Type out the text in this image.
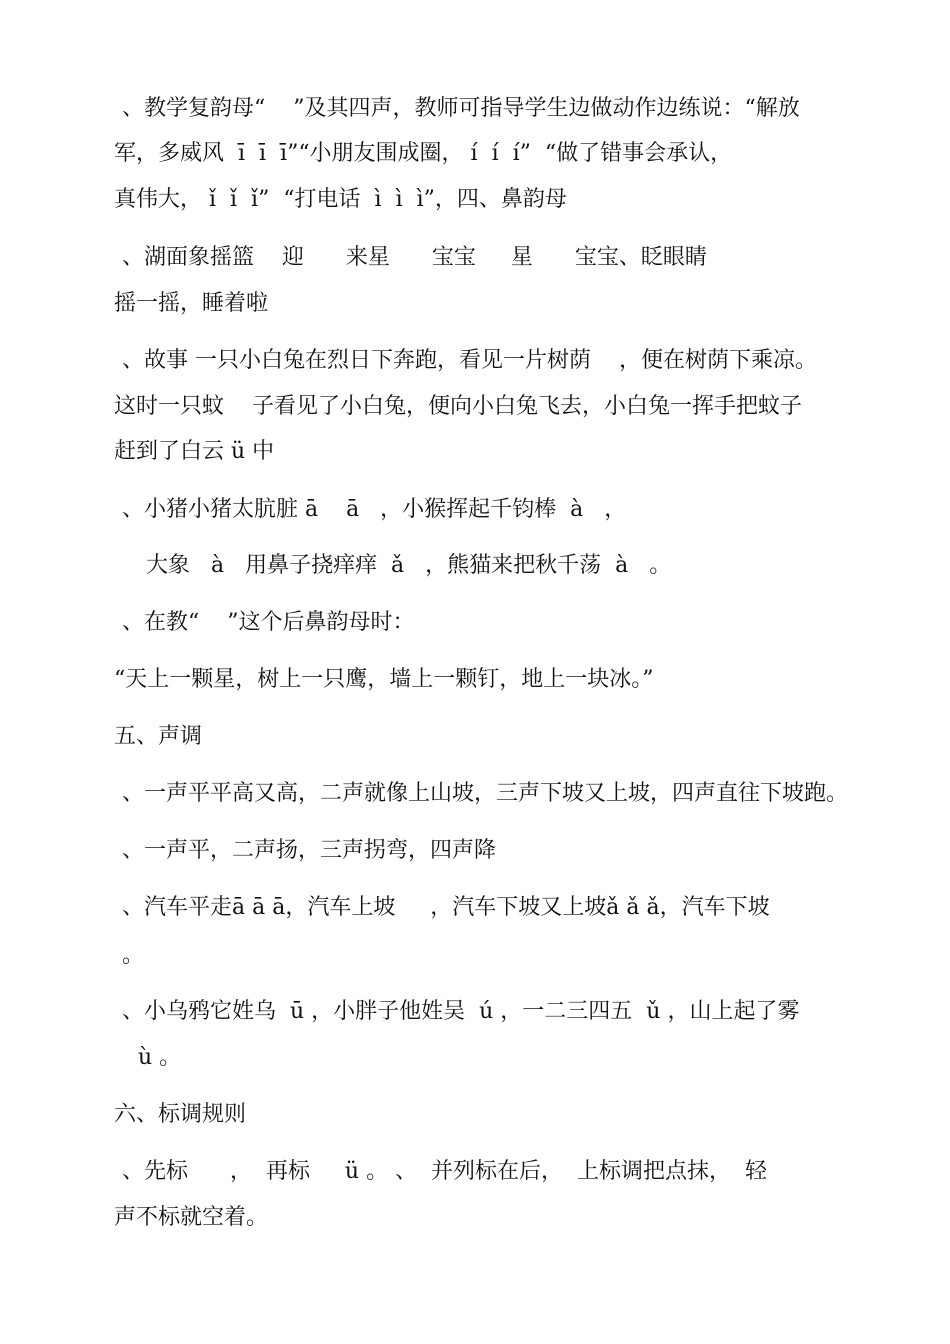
、教学复韵母“    ”及其四声，教师可指导学生边做动作边练说：“解放
军，多威风  ī  ī  ī”“小朋友围成圈， í  í  í”  “做了错事会承认，
真伟大， ǐ  ǐ  ǐ”  “打电话  ì  ì  ì”，四、鼻韵母
、湖面象摇篮    迎      来星      宝宝     星      宝宝、眨眼睛
摇一摇，睡着啦
、故事 一只小白兔在烈日下奔跑，看见一片树荫    ，便在树荫下乘凉。
这时一只蚊    子看见了小白兔，便向小白兔飞去，小白兔一挥手把蚊子
赶到了白云 ü 中
、小猪小猪太肮脏 ā    ā   ，小猴挥起千钧棒  à   ，
大象   à   用鼻子挠痒痒  ǎ   ，熊猫来把秋千荡  à   。
、在教“    ”这个后鼻韵母时：
“天上一颗星，树上一只鹰，墙上一颗钉，地上一块冰。”
五、声调
、一声平平高又高，二声就像上山坡，三声下坡又上坡，四声直往下坡跑。
、一声平，二声扬，三声拐弯，四声降
、汽车平走ā ā ā，汽车上坡     ，汽车下坡又上坡ǎ ǎ ǎ，汽车下坡
。
、小乌鸦它姓乌  ū ，小胖子他姓吴  ú ，一二三四五  ǔ ，山上起了雾
ù 。
六、标调规则
、先标      ，  再标     ü 。 、  并列标在后，  上标调把点抹，  轻
声不标就空着。
